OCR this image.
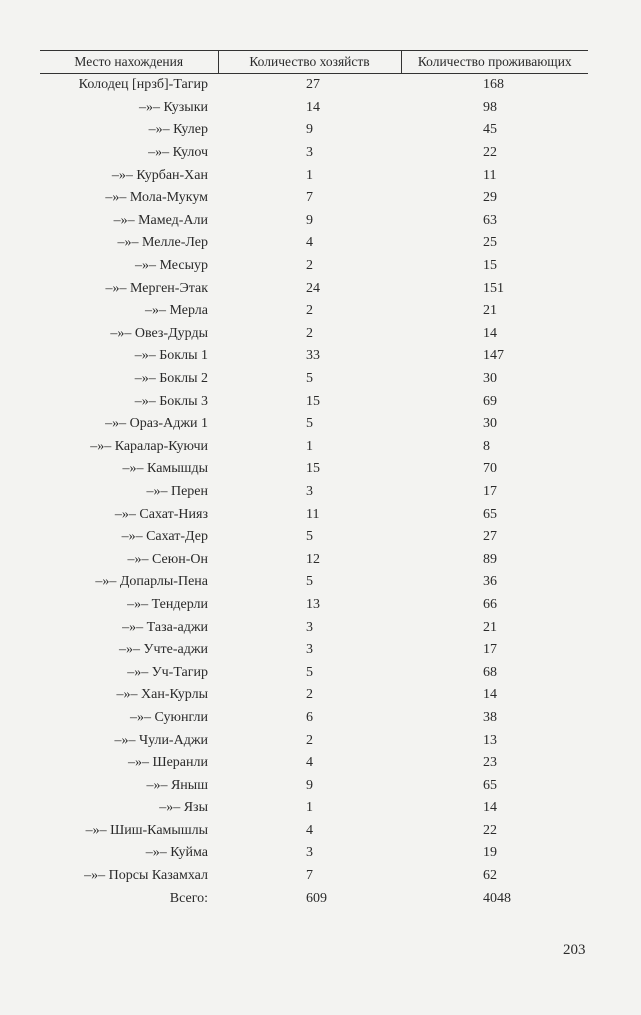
Место нахождения	Количество хозяйств	Количество проживающих
Колодец [нрзб]-Тагир	27	168
–»– Кузыки	14	98
–»– Кулер	9	45
–»– Кулоч	3	22
–»– Курбан-Хан	1	11
–»– Мола-Мукум	7	29
–»– Мамед-Али	9	63
–»– Мелле-Лер	4	25
–»– Месыур	2	15
–»– Мерген-Этак	24	151
–»– Мерла	2	21
–»– Овез-Дурды	2	14
–»– Боклы 1	33	147
–»– Боклы 2	5	30
–»– Боклы 3	15	69
–»– Ораз-Аджи 1	5	30
–»– Каралар-Куючи	1	8
–»– Камышды	15	70
–»– Перен	3	17
–»– Сахат-Нияз	11	65
–»– Сахат-Дер	5	27
–»– Сеюн-Он	12	89
–»– Допарлы-Пена	5	36
–»– Тендерли	13	66
–»– Таза-аджи	3	21
–»– Учте-аджи	3	17
–»– Уч-Тагир	5	68
–»– Хан-Курлы	2	14
–»– Суюнгли	6	38
–»– Чули-Аджи	2	13
–»– Шеранли	4	23
–»– Яныш	9	65
–»– Язы	1	14
–»– Шиш-Камышлы	4	22
–»– Куйма	3	19
–»– Порсы Казамхал	7	62
Всего:	609	4048
203
